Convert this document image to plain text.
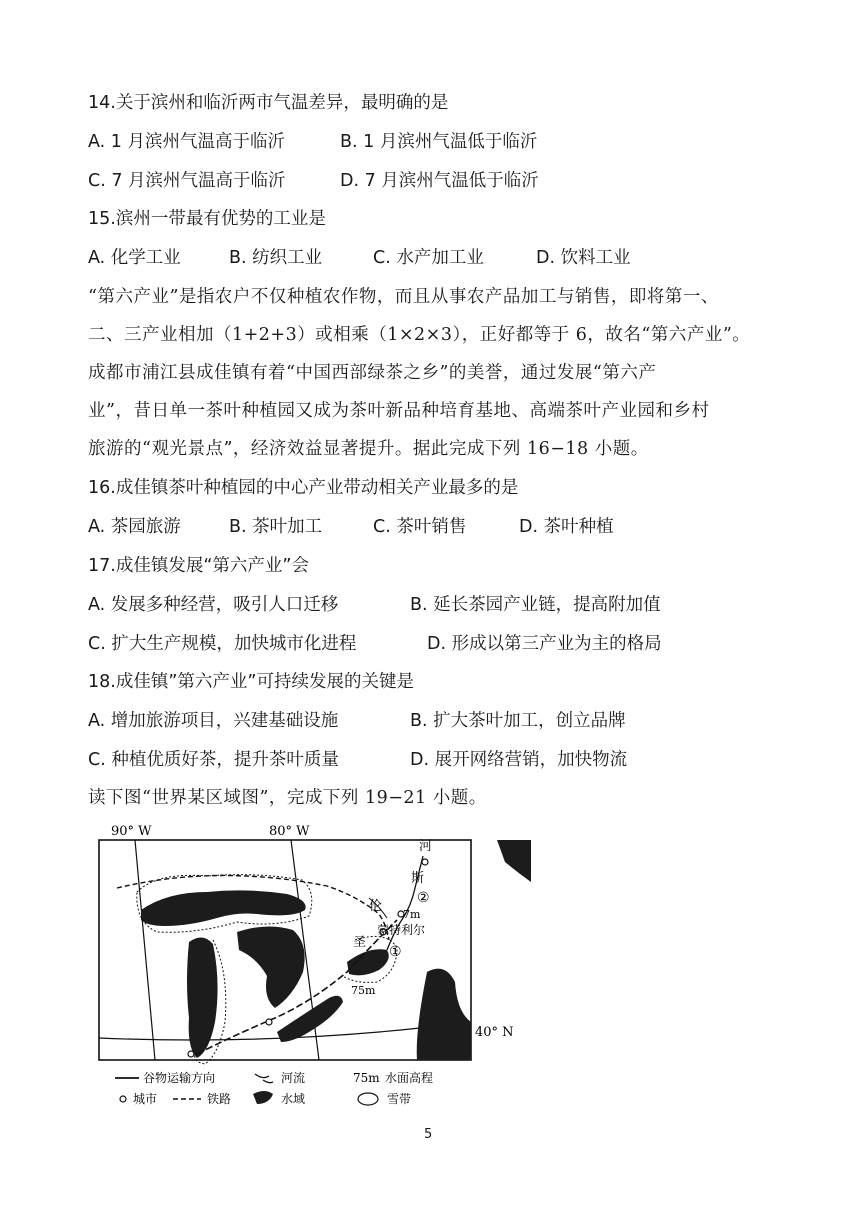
14.关于滨州和临沂两市气温差异，最明确的是
A. 1 月滨州气温高于临沂	B. 1 月滨州气温低于临沂
C. 7 月滨州气温高于临沂	D. 7 月滨州气温低于临沂
15.滨州一带最有优势的工业是
A. 化学工业	B. 纺织工业	C. 水产加工业	D. 饮料工业
“第六产业”是指农户不仅种植农作物，而且从事农产品加工与销售，即将第一、
二、三产业相加（1+2+3）或相乘（1×2×3），正好都等于 6，故名“第六产业”。
成都市浦江县成佳镇有着“中国西部绿茶之乡”的美誉，通过发展“第六产
业”，昔日单一茶叶种植园又成为茶叶新品种培育基地、高端茶叶产业园和乡村
旅游的“观光景点”，经济效益显著提升。据此完成下列 16−18 小题。
16.成佳镇茶叶种植园的中心产业带动相关产业最多的是
A. 茶园旅游	B. 茶叶加工	C. 茶叶销售	D. 茶叶种植
17.成佳镇发展“第六产业”会
A. 发展多种经营，吸引人口迁移	B. 延长茶园产业链，提高附加值
C. 扩大生产规模，加快城市化进程	D. 形成以第三产业为主的格局
18.成佳镇”第六产业”可持续发展的关键是
A. 增加旅游项目，兴建基础设施	B. 扩大茶叶加工，创立品牌
C. 种植优质好茶，提升茶叶质量	D. 展开网络营销，加快物流
读下图“世界某区域图”，完成下列 19−21 小题。
90° W	80° W
河
斯
伦
圣
②
7m
蒙特利尔
①
75m
40° N
谷物运输方向	河流	75m 水面高程
城市	铁路	水域	雪带
5
